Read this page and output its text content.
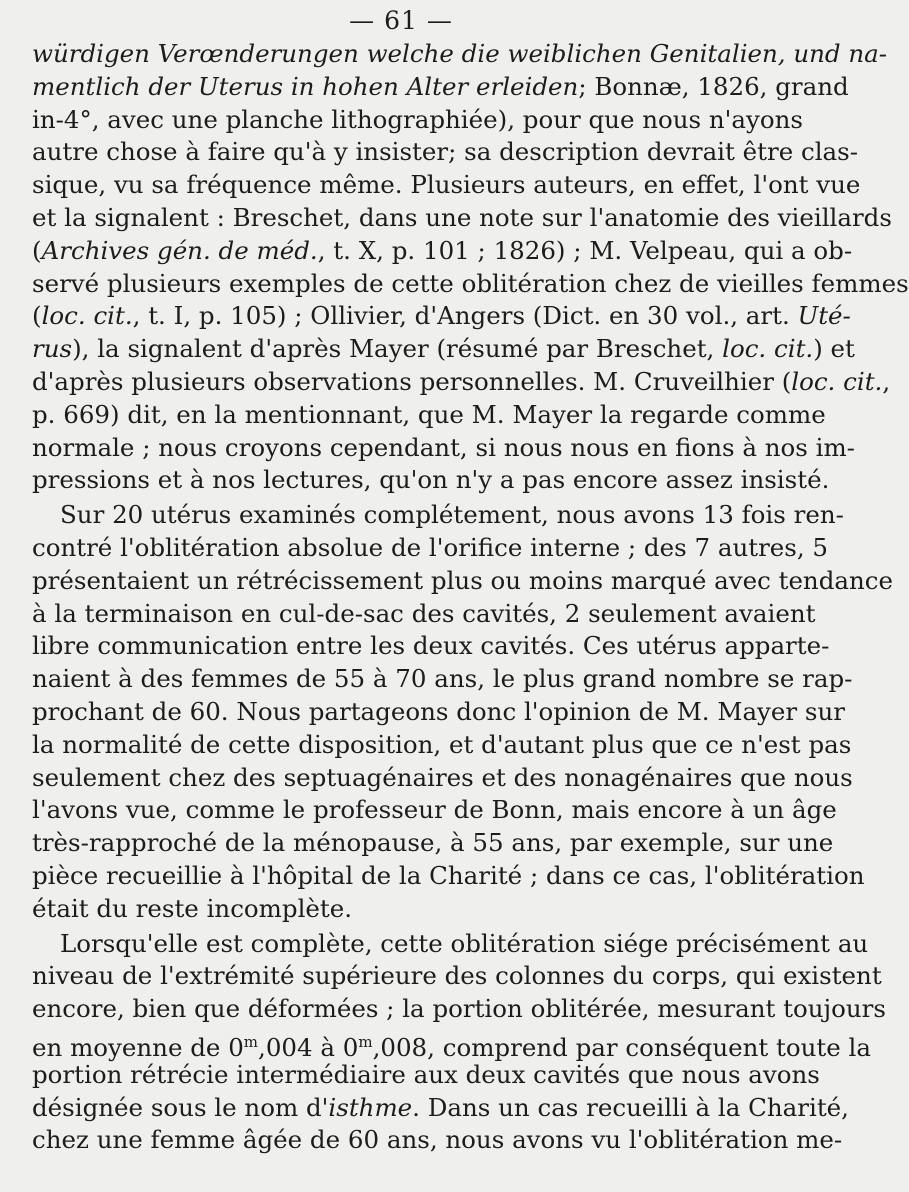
— 61 —
würdigen Verœnderungen welche die weiblichen Genitalien, und na-
mentlich der Uterus in hohen Alter erleiden; Bonnæ, 1826, grand
in-4°, avec une planche lithographiée), pour que nous n'ayons
autre chose à faire qu'à y insister; sa description devrait être clas-
sique, vu sa fréquence même. Plusieurs auteurs, en effet, l'ont vue
et la signalent : Breschet, dans une note sur l'anatomie des vieillards
(Archives gén. de méd., t. X, p. 101 ; 1826) ; M. Velpeau, qui a ob-
servé plusieurs exemples de cette oblitération chez de vieilles femmes
(loc. cit., t. I, p. 105) ; Ollivier, d'Angers (Dict. en 30 vol., art. Uté-
rus), la signalent d'après Mayer (résumé par Breschet, loc. cit.) et
d'après plusieurs observations personnelles. M. Cruveilhier (loc. cit.,
p. 669) dit, en la mentionnant, que M. Mayer la regarde comme
normale ; nous croyons cependant, si nous nous en fions à nos im-
pressions et à nos lectures, qu'on n'y a pas encore assez insisté.
Sur 20 utérus examinés complétement, nous avons 13 fois ren-
contré l'oblitération absolue de l'orifice interne ; des 7 autres, 5
présentaient un rétrécissement plus ou moins marqué avec tendance
à la terminaison en cul-de-sac des cavités, 2 seulement avaient
libre communication entre les deux cavités. Ces utérus apparte-
naient à des femmes de 55 à 70 ans, le plus grand nombre se rap-
prochant de 60. Nous partageons donc l'opinion de M. Mayer sur
la normalité de cette disposition, et d'autant plus que ce n'est pas
seulement chez des septuagénaires et des nonagénaires que nous
l'avons vue, comme le professeur de Bonn, mais encore à un âge
très-rapproché de la ménopause, à 55 ans, par exemple, sur une
pièce recueillie à l'hôpital de la Charité ; dans ce cas, l'oblitération
était du reste incomplète.
Lorsqu'elle est complète, cette oblitération siége précisément au
niveau de l'extrémité supérieure des colonnes du corps, qui existent
encore, bien que déformées ; la portion oblitérée, mesurant toujours
en moyenne de 0$^m$,004 à 0$^m$,008, comprend par conséquent toute la
portion rétrécie intermédiaire aux deux cavités que nous avons
désignée sous le nom d'isthme. Dans un cas recueilli à la Charité,
chez une femme âgée de 60 ans, nous avons vu l'oblitération me-
